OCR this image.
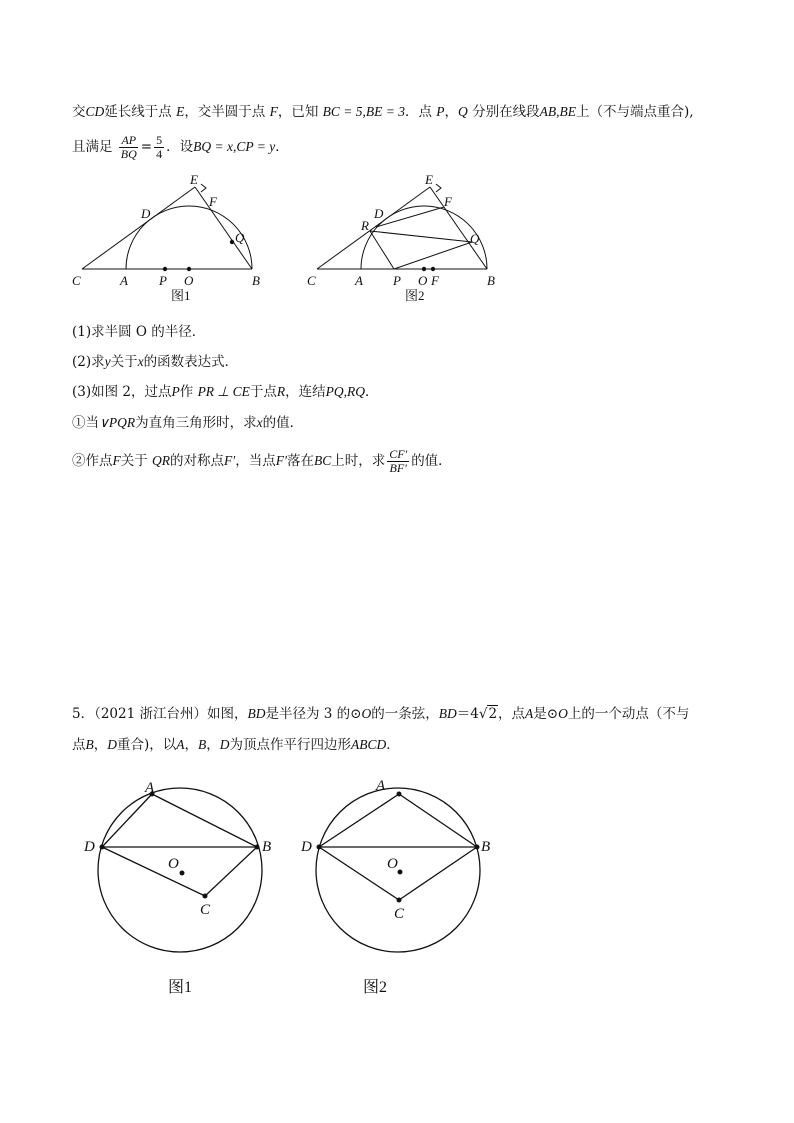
交CD延长线于点 E，交半圆于点 F，已知 BC = 5,BE = 3．点 P，Q 分别在线段AB,BE上（不与端点重合),
且满足 $\frac{AP}{BQ} = \frac{5}{4}$ ．设BQ = x,CP = y．
C	A P O	B
D
E
F
Q
图1
C	A P O F	B
R
D
E
F
Q
图2
(1)求半圆 O 的半径．
(2)求y关于x的函数表达式．
(3)如图 2，过点P作 PR ⊥ CE于点R，连结PQ,RQ．
①当∨PQR为直角三角形时，求x的值．
②作点F关于 QR的对称点F′，当点F′落在BC上时，求 $\frac{CF'}{BF'}$ 的值．
5．（2021 浙江台州）如图，BD是半径为 3 的⊙O的一条弦，BD＝4√2，点A是⊙O上的一个动点（不与
点B，D重合)，以A，B，D为顶点作平行四边形ABCD．
A
D	B
O
C
图1
A
D	B
O
C
图2
